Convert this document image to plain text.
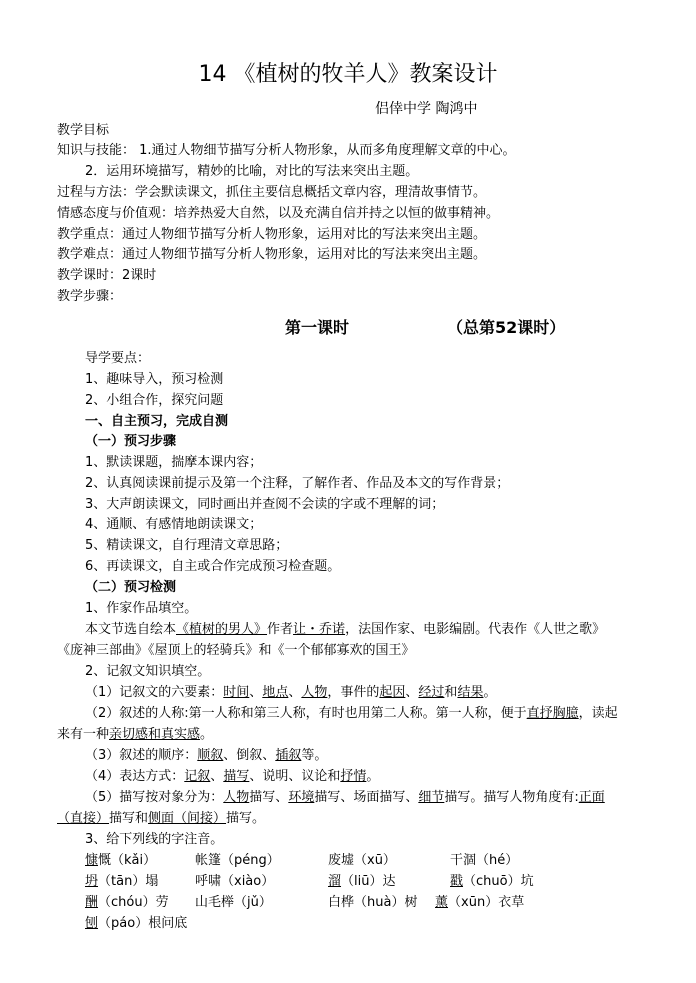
14 《植树的牧羊人》教案设计
侣倖中学 陶鸿中
教学目标
知识与技能： 1.通过人物细节描写分析人物形象，从而多角度理解文章的中心。
2．运用环境描写，精妙的比喻，对比的写法来突出主题。
过程与方法：学会默读课文，抓住主要信息概括文章内容，理清故事情节。
情感态度与价值观：培养热爱大自然，以及充满自信并持之以恒的做事精神。
教学重点：通过人物细节描写分析人物形象，运用对比的写法来突出主题。
教学难点：通过人物细节描写分析人物形象，运用对比的写法来突出主题。
教学课时：2课时
教学步骤：
第一课时	（总第52课时）
导学要点：
1、趣味导入，预习检测
2、小组合作，探究问题
一、自主预习，完成自测
（一）预习步骤
1、默读课题，揣摩本课内容；
2、认真阅读课前提示及第一个注释，了解作者、作品及本文的写作背景；
3、大声朗读课文，同时画出并查阅不会读的字或不理解的词；
4、通顺、有感情地朗读课文；
5、精读课文，自行理清文章思路；
6、再读课文，自主或合作完成预习检查题。
（二）预习检测
1、作家作品填空。
本文节选自绘本《植树的男人》作者让・乔诺，法国作家、电影编剧。代表作《人世之歌》
《庞神三部曲》《屋顶上的轻骑兵》和《一个郁郁寡欢的国王》
2、记叙文知识填空。
（1）记叙文的六要素：时间、地点、人物，事件的起因、经过和结果。
（2）叙述的人称:第一人称和第三人称，有时也用第二人称。第一人称，便于直抒胸臆，读起
来有一种亲切感和真实感。
（3）叙述的顺序：顺叙、倒叙、插叙等。
（4）表达方式：记叙、描写、说明、议论和抒情。
（5）描写按对象分为：人物描写、环境描写、场面描写、细节描写。描写人物角度有:正面
（直接）描写和侧面（间接）描写。
3、给下列线的字注音。
慷慨（kǎi）	帐篷（péng）	废墟（xū）	干涸（hé）
坍（tān）塌	呼啸（xiào）	溜（liū）达	戳（chuō）坑
酬（chóu）劳 山毛榉（jǔ）	白桦（huà）树 薰（xūn）衣草
刨（páo）根问底
